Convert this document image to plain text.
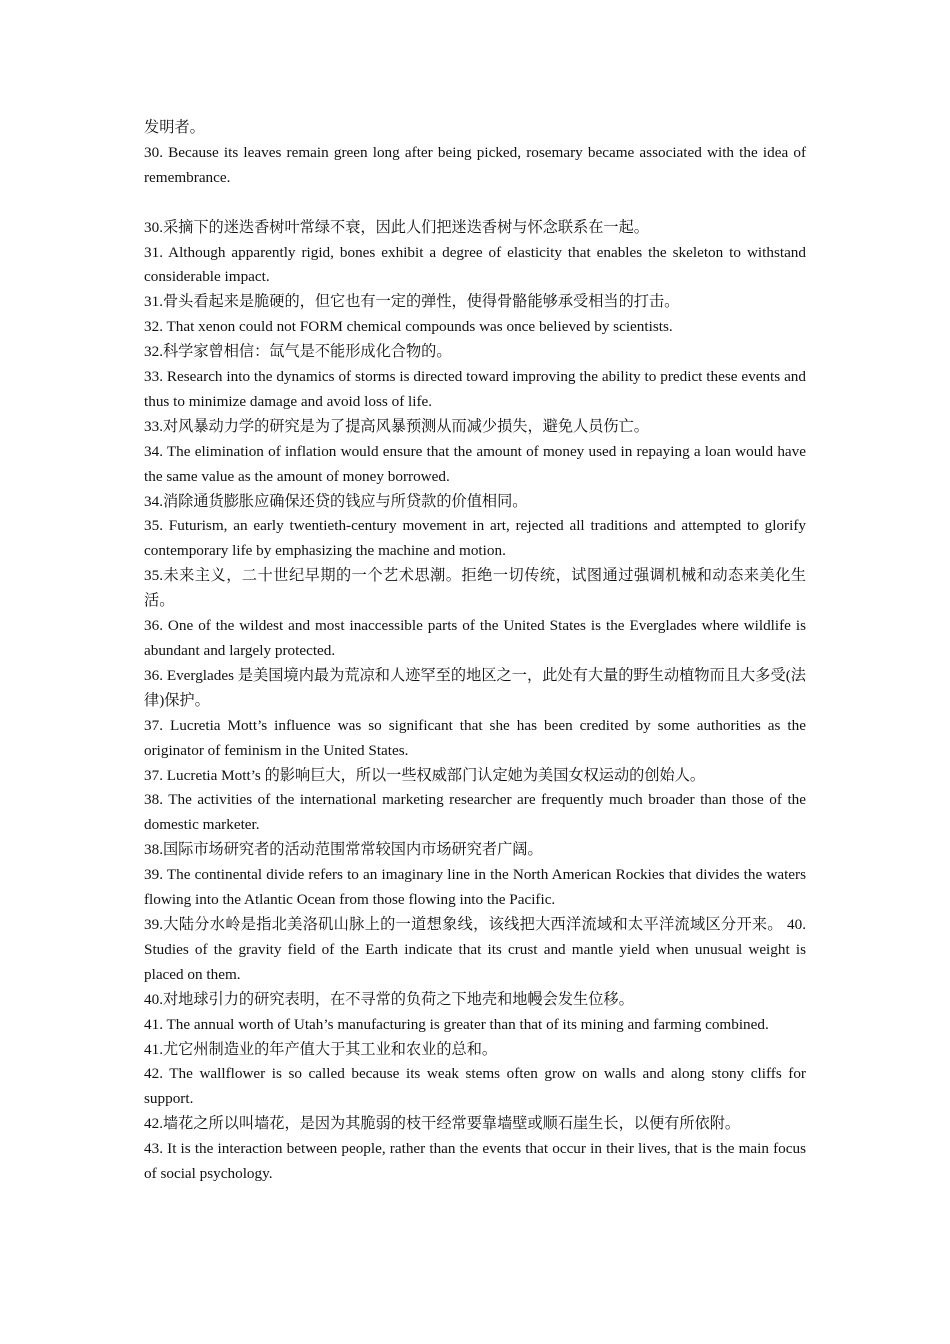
发明者。

30. Because its leaves remain green long after being picked, rosemary became associated with the idea of remembrance.

30.采摘下的迷迭香树叶常绿不衰，因此人们把迷迭香树与怀念联系在一起。

31. Although apparently rigid, bones exhibit a degree of elasticity that enables the skeleton to withstand considerable impact.

31.骨头看起来是脆硬的，但它也有一定的弹性，使得骨骼能够承受相当的打击。

32. That xenon could not FORM chemical compounds was once believed by scientists.

32.科学家曾相信：氙气是不能形成化合物的。

33. Research into the dynamics of storms is directed toward improving the ability to predict these events and thus to minimize damage and avoid loss of life.

33.对风暴动力学的研究是为了提高风暴预测从而减少损失，避免人员伤亡。

34. The elimination of inflation would ensure that the amount of money used in repaying a loan would have the same value as the amount of money borrowed.

34.消除通货膨胀应确保还贷的钱应与所贷款的价值相同。

35. Futurism, an early twentieth-century movement in art, rejected all traditions and attempted to glorify contemporary life by emphasizing the machine and motion.

35.未来主义，二十世纪早期的一个艺术思潮。拒绝一切传统，试图通过强调机械和动态来美化生活。

36. One of the wildest and most inaccessible parts of the United States is the Everglades where wildlife is abundant and largely protected.

36. Everglades 是美国境内最为荒凉和人迹罕至的地区之一，此处有大量的野生动植物而且大多受(法律)保护。

37. Lucretia Mott’s influence was so significant that she has been credited by some authorities as the originator of feminism in the United States.

37. Lucretia Mott’s 的影响巨大，所以一些权威部门认定她为美国女权运动的创始人。

38. The activities of the international marketing researcher are frequently much broader than those of the domestic marketer.

38.国际市场研究者的活动范围常常较国内市场研究者广阔。

39. The continental divide refers to an imaginary line in the North American Rockies that divides the waters flowing into the Atlantic Ocean from those flowing into the Pacific.

39.大陆分水岭是指北美洛矶山脉上的一道想象线，该线把大西洋流域和太平洋流域区分开来。 40. Studies of the gravity field of the Earth indicate that its crust and mantle yield when unusual weight is placed on them.

40.对地球引力的研究表明，在不寻常的负荷之下地壳和地幔会发生位移。

41. The annual worth of Utah’s manufacturing is greater than that of its mining and farming combined.

41.尤它州制造业的年产值大于其工业和农业的总和。

42. The wallflower is so called because its weak stems often grow on walls and along stony cliffs for support.

42.墙花之所以叫墙花，是因为其脆弱的枝干经常要靠墙壁或顺石崖生长，以便有所依附。

43. It is the interaction between people, rather than the events that occur in their lives, that is the main focus of social psychology.
